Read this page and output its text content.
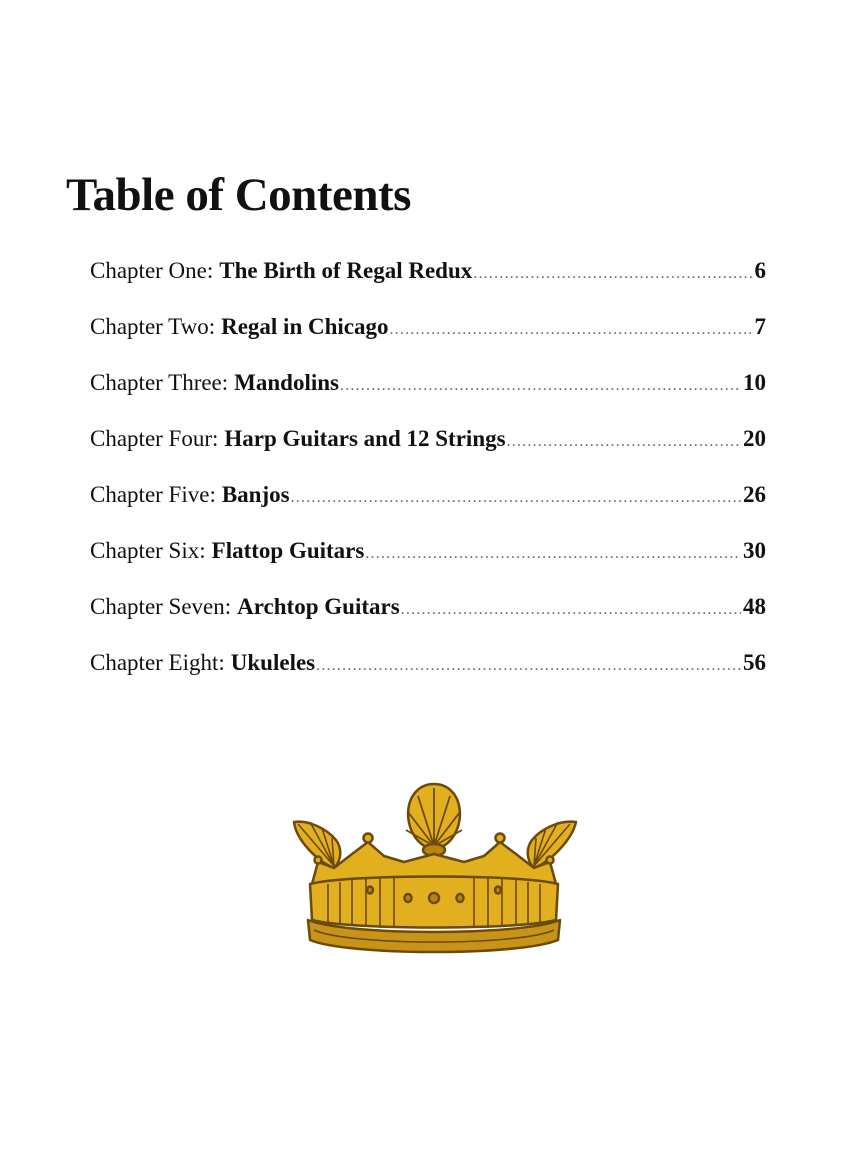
Table of Contents
Chapter One: The Birth of Regal Redux .....	6
Chapter Two: Regal in Chicago .....	7
Chapter Three: Mandolins .....	10
Chapter Four: Harp Guitars and 12 Strings .....	20
Chapter Five: Banjos .....	26
Chapter Six: Flattop Guitars .....	30
Chapter Seven: Archtop Guitars .....	48
Chapter Eight: Ukuleles .....	56
